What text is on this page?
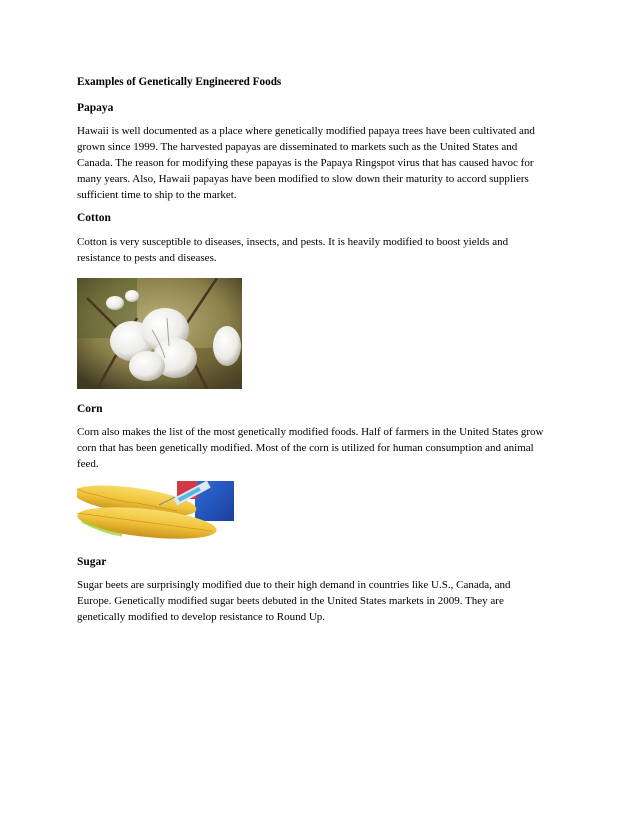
Examples of Genetically Engineered Foods
Papaya
Hawaii is well documented as a place where genetically modified papaya trees have been cultivated and
grown since 1999. The harvested papayas are disseminated to markets such as the United States and
Canada. The reason for modifying these papayas is the Papaya Ringspot virus that has caused havoc for
many years. Also, Hawaii papayas have been modified to slow down their maturity to accord suppliers
sufficient time to ship to the market.
Cotton
Cotton is very susceptible to diseases, insects, and pests. It is heavily modified to boost yields and
resistance to pests and diseases.
Corn
Corn also makes the list of the most genetically modified foods. Half of farmers in the United States grow
corn that has been genetically modified. Most of the corn is utilized for human consumption and animal
feed.
Sugar
Sugar beets are surprisingly modified due to their high demand in countries like U.S., Canada, and
Europe. Genetically modified sugar beets debuted in the United States markets in 2009. They are
genetically modified to develop resistance to Round Up.
